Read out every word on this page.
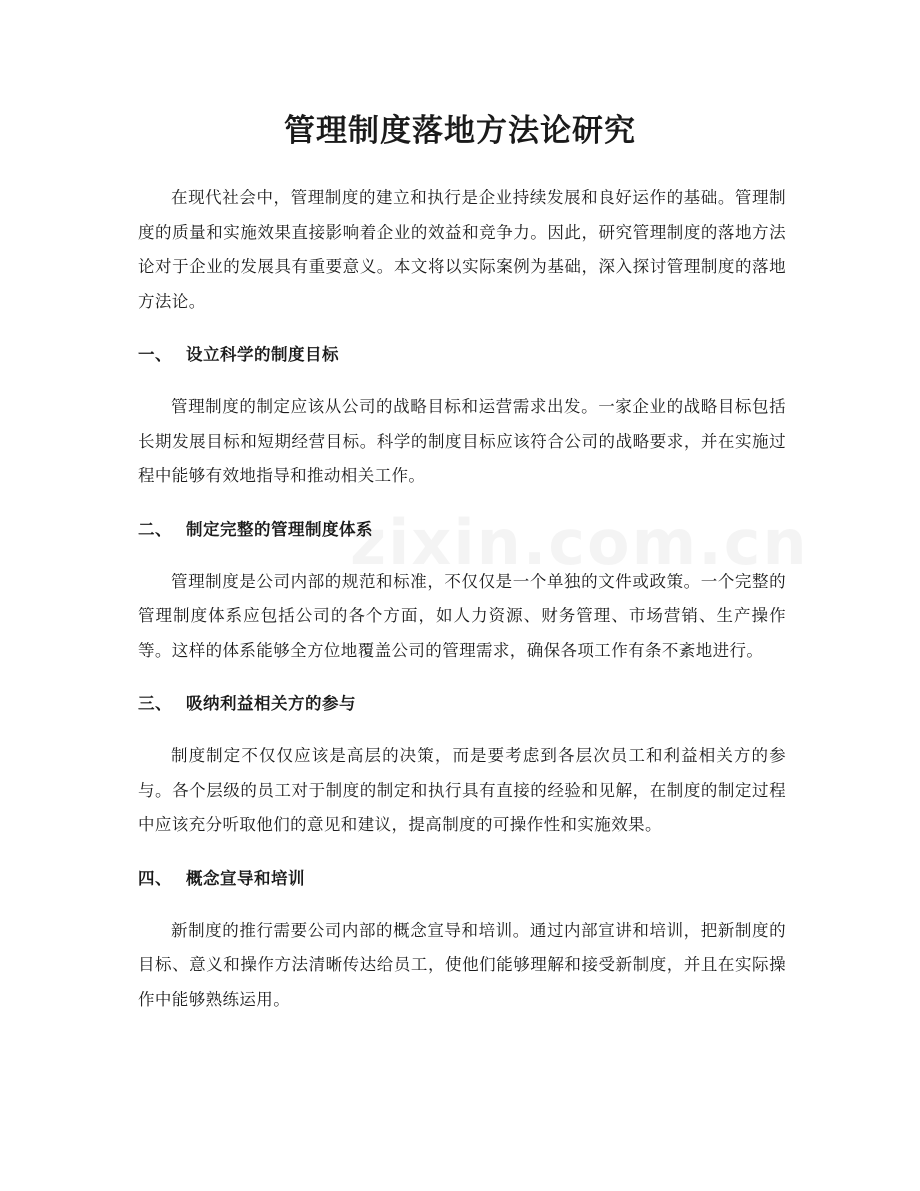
管理制度落地方法论研究

在现代社会中，管理制度的建立和执行是企业持续发展和良好运作的基础。管理制度的质量和实施效果直接影响着企业的效益和竞争力。因此，研究管理制度的落地方法论对于企业的发展具有重要意义。本文将以实际案例为基础，深入探讨管理制度的落地方法论。

一、 设立科学的制度目标

管理制度的制定应该从公司的战略目标和运营需求出发。一家企业的战略目标包括长期发展目标和短期经营目标。科学的制度目标应该符合公司的战略要求，并在实施过程中能够有效地指导和推动相关工作。

二、 制定完整的管理制度体系

管理制度是公司内部的规范和标准，不仅仅是一个单独的文件或政策。一个完整的管理制度体系应包括公司的各个方面，如人力资源、财务管理、市场营销、生产操作等。这样的体系能够全方位地覆盖公司的管理需求，确保各项工作有条不紊地进行。

三、 吸纳利益相关方的参与

制度制定不仅仅应该是高层的决策，而是要考虑到各层次员工和利益相关方的参与。各个层级的员工对于制度的制定和执行具有直接的经验和见解，在制度的制定过程中应该充分听取他们的意见和建议，提高制度的可操作性和实施效果。

四、 概念宣导和培训

新制度的推行需要公司内部的概念宣导和培训。通过内部宣讲和培训，把新制度的目标、意义和操作方法清晰传达给员工，使他们能够理解和接受新制度，并且在实际操作中能够熟练运用。
